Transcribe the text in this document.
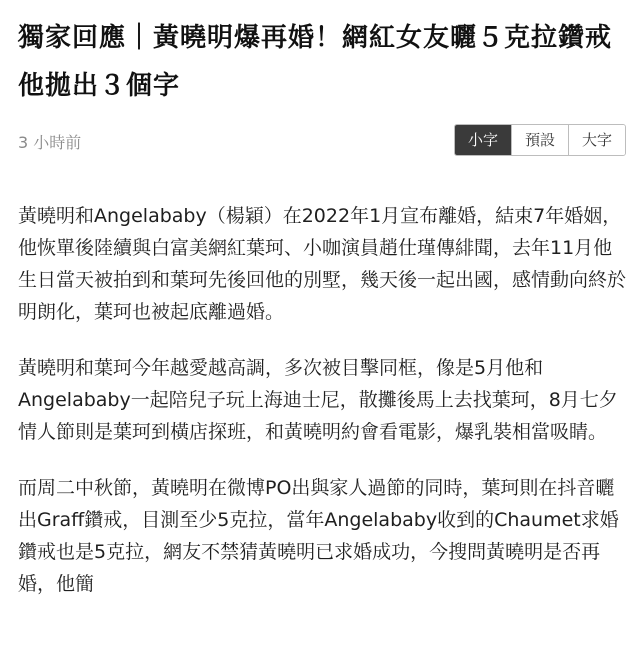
獨家回應｜黃曉明爆再婚！網紅女友曬５克拉鑽戒　他拋出３個字
3 小時前	小字	預設	大字

黃曉明和Angelababy（楊穎）在2022年1月宣布離婚，結束7年婚姻，他恢單後陸續與白富美網紅葉珂、小咖演員趙仕瑾傳緋聞，去年11月他生日當天被拍到和葉珂先後回他的別墅，幾天後一起出國，感情動向終於明朗化，葉珂也被起底離過婚。

黃曉明和葉珂今年越愛越高調，多次被目擊同框，像是5月他和Angelababy一起陪兒子玩上海迪士尼，散攤後馬上去找葉珂，8月七夕情人節則是葉珂到橫店探班，和黃曉明約會看電影，爆乳裝相當吸睛。

而周二中秋節，黃曉明在微博PO出與家人過節的同時，葉珂則在抖音曬出Graff鑽戒，目測至少5克拉，當年Angelababy收到的Chaumet求婚鑽戒也是5克拉，網友不禁猜黃曉明已求婚成功，今搜問黃曉明是否再婚，他簡
